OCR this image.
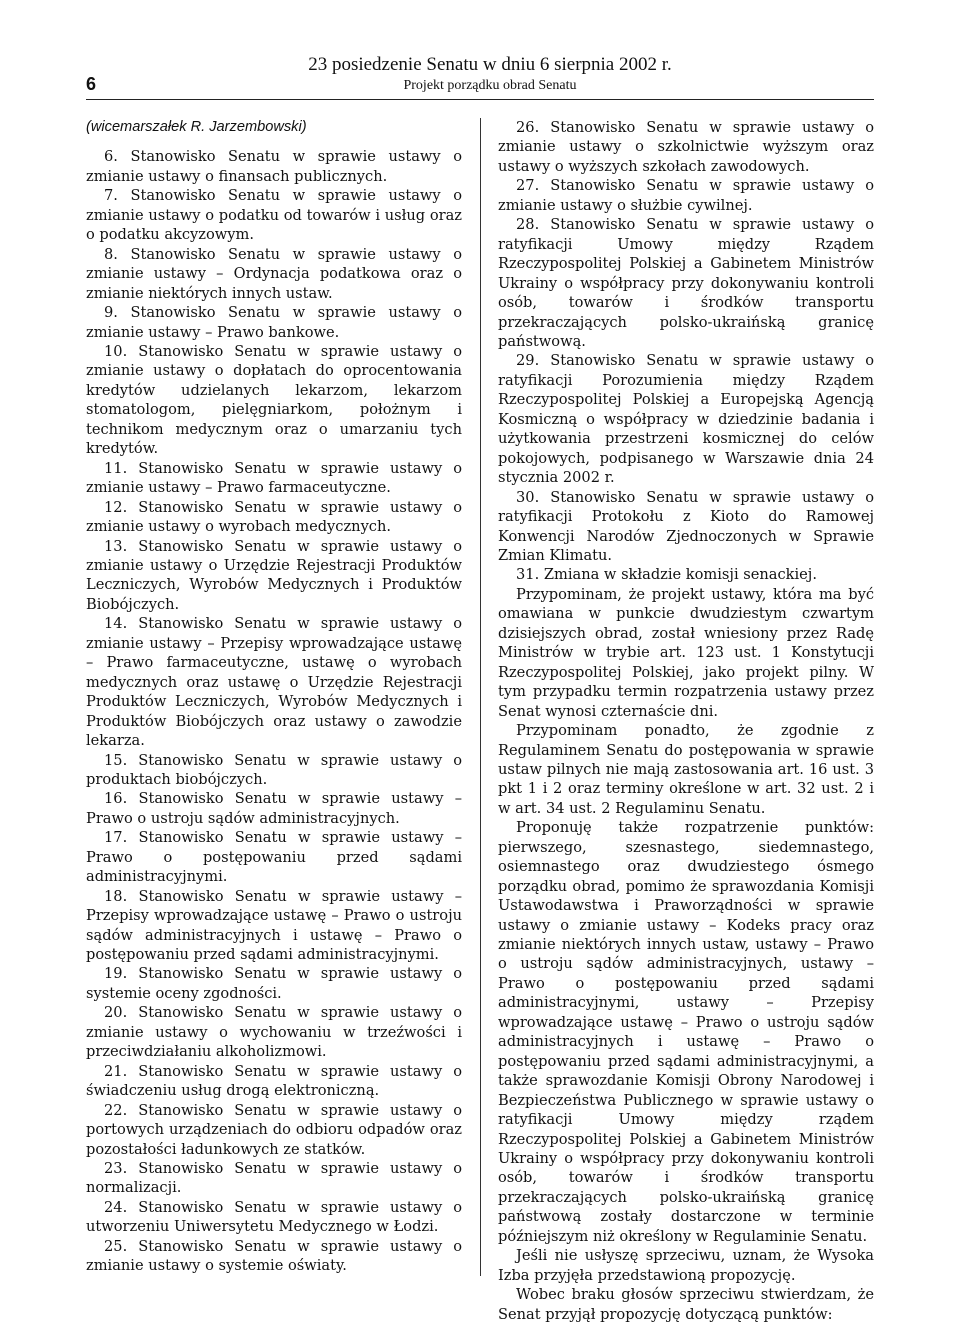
6
23 posiedzenie Senatu w dniu 6 sierpnia 2002 r.
Projekt porządku obrad Senatu

(wicemarszałek R. Jarzembowski)

6. Stanowisko Senatu w sprawie ustawy o zmianie ustawy o finansach publicznych.

7. Stanowisko Senatu w sprawie ustawy o zmianie ustawy o podatku od towarów i usług oraz o podatku akcyzowym.

8. Stanowisko Senatu w sprawie ustawy o zmianie ustawy – Ordynacja podatkowa oraz o zmianie niektórych innych ustaw.

9. Stanowisko Senatu w sprawie ustawy o zmianie ustawy – Prawo bankowe.

10. Stanowisko Senatu w sprawie ustawy o zmianie ustawy o dopłatach do oprocentowania kredytów udzielanych lekarzom, lekarzom stomatologom, pielęgniarkom, położnym i technikom medycznym oraz o umarzaniu tych kredytów.

11. Stanowisko Senatu w sprawie ustawy o zmianie ustawy – Prawo farmaceutyczne.

12. Stanowisko Senatu w sprawie ustawy o zmianie ustawy o wyrobach medycznych.

13. Stanowisko Senatu w sprawie ustawy o zmianie ustawy o Urzędzie Rejestracji Produktów Leczniczych, Wyrobów Medycznych i Produktów Biobójczych.

14. Stanowisko Senatu w sprawie ustawy o zmianie ustawy – Przepisy wprowadzające ustawę – Prawo farmaceutyczne, ustawę o wyrobach medycznych oraz ustawę o Urzędzie Rejestracji Produktów Leczniczych, Wyrobów Medycznych i Produktów Biobójczych oraz ustawy o zawodzie lekarza.

15. Stanowisko Senatu w sprawie ustawy o produktach biobójczych.

16. Stanowisko Senatu w sprawie ustawy – Prawo o ustroju sądów administracyjnych.

17. Stanowisko Senatu w sprawie ustawy – Prawo o postępowaniu przed sądami administracyjnymi.

18. Stanowisko Senatu w sprawie ustawy – Przepisy wprowadzające ustawę – Prawo o ustroju sądów administracyjnych i ustawę – Prawo o postępowaniu przed sądami administracyjnymi.

19. Stanowisko Senatu w sprawie ustawy o systemie oceny zgodności.

20. Stanowisko Senatu w sprawie ustawy o zmianie ustawy o wychowaniu w trzeźwości i przeciwdziałaniu alkoholizmowi.

21. Stanowisko Senatu w sprawie ustawy o świadczeniu usług drogą elektroniczną.

22. Stanowisko Senatu w sprawie ustawy o portowych urządzeniach do odbioru odpadów oraz pozostałości ładunkowych ze statków.

23. Stanowisko Senatu w sprawie ustawy o normalizacji.

24. Stanowisko Senatu w sprawie ustawy o utworzeniu Uniwersytetu Medycznego w Łodzi.

25. Stanowisko Senatu w sprawie ustawy o zmianie ustawy o systemie oświaty.

26. Stanowisko Senatu w sprawie ustawy o zmianie ustawy o szkolnictwie wyższym oraz ustawy o wyższych szkołach zawodowych.

27. Stanowisko Senatu w sprawie ustawy o zmianie ustawy o służbie cywilnej.

28. Stanowisko Senatu w sprawie ustawy o ratyfikacji Umowy między Rządem Rzeczypospolitej Polskiej a Gabinetem Ministrów Ukrainy o współpracy przy dokonywaniu kontroli osób, towarów i środków transportu przekraczających polsko-ukraińską granicę państwową.

29. Stanowisko Senatu w sprawie ustawy o ratyfikacji Porozumienia między Rządem Rzeczypospolitej Polskiej a Europejską Agencją Kosmiczną o współpracy w dziedzinie badania i użytkowania przestrzeni kosmicznej do celów pokojowych, podpisanego w Warszawie dnia 24 stycznia 2002 r.

30. Stanowisko Senatu w sprawie ustawy o ratyfikacji Protokołu z Kioto do Ramowej Konwencji Narodów Zjednoczonych w Sprawie Zmian Klimatu.

31. Zmiana w składzie komisji senackiej.

Przypominam, że projekt ustawy, która ma być omawiana w punkcie dwudziestym czwartym dzisiejszych obrad, został wniesiony przez Radę Ministrów w trybie art. 123 ust. 1 Konstytucji Rzeczypospolitej Polskiej, jako projekt pilny. W tym przypadku termin rozpatrzenia ustawy przez Senat wynosi czternaście dni.

Przypominam ponadto, że zgodnie z Regulaminem Senatu do postępowania w sprawie ustaw pilnych nie mają zastosowania art. 16 ust. 3 pkt 1 i 2 oraz terminy określone w art. 32 ust. 2 i w art. 34 ust. 2 Regulaminu Senatu.

Proponuję także rozpatrzenie punktów: pierwszego, szesnastego, siedemnastego, osiemnastego oraz dwudziestego ósmego porządku obrad, pomimo że sprawozdania Komisji Ustawodawstwa i Praworządności w sprawie ustawy o zmianie ustawy – Kodeks pracy oraz zmianie niektórych innych ustaw, ustawy – Prawo o ustroju sądów administracyjnych, ustawy – Prawo o postępowaniu przed sądami administracyjnymi, ustawy – Przepisy wprowadzające ustawę – Prawo o ustroju sądów administracyjnych i ustawę – Prawo o postępowaniu przed sądami administracyjnymi, a także sprawozdanie Komisji Obrony Narodowej i Bezpieczeństwa Publicznego w sprawie ustawy o ratyfikacji Umowy między rządem Rzeczypospolitej Polskiej a Gabinetem Ministrów Ukrainy o współpracy przy dokonywaniu kontroli osób, towarów i środków transportu przekraczających polsko-ukraińską granicę państwową zostały dostarczone w terminie późniejszym niż określony w Regulaminie Senatu.

Jeśli nie usłyszę sprzeciwu, uznam, że Wysoka Izba przyjęła przedstawioną propozycję.

Wobec braku głosów sprzeciwu stwierdzam, że Senat przyjął propozycję dotyczącą punktów:
